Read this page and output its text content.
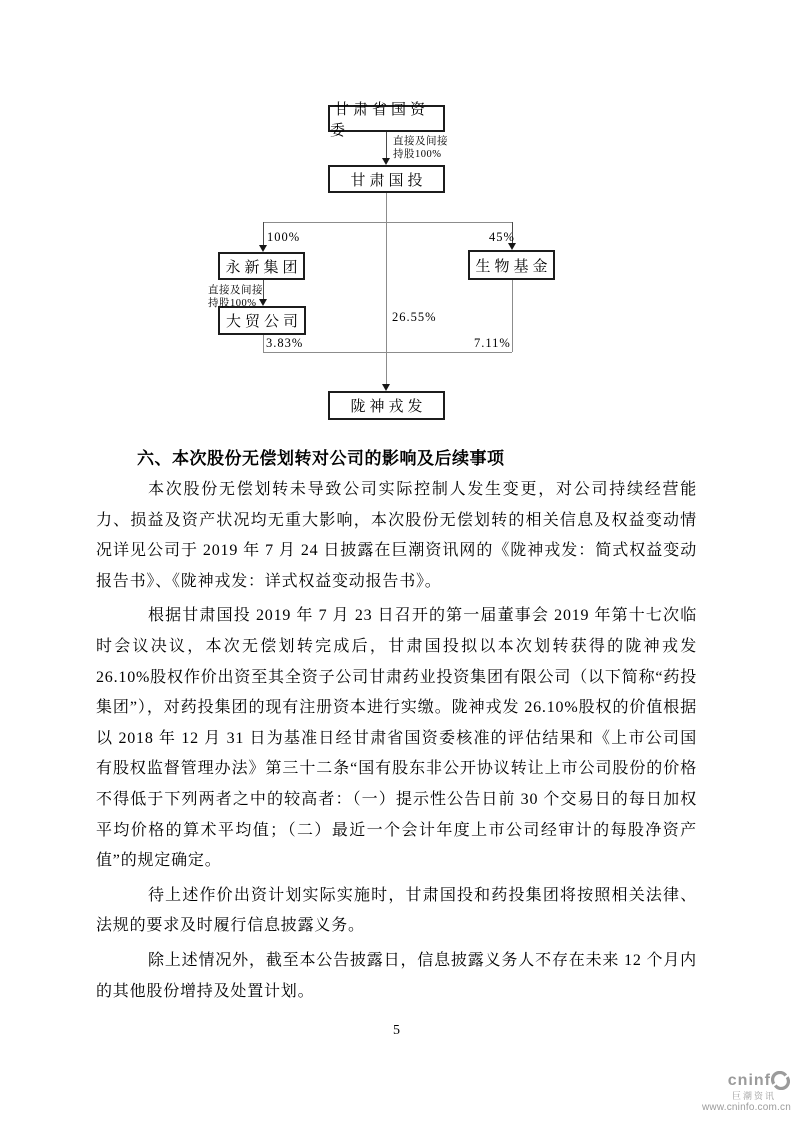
甘肃省国资委
甘肃国投
永新集团
大贸公司
生物基金
陇神戎发
直接及间接
持股100%
100%	45%
直接及间接
持股100%
26.55%
3.83%	7.11%
六、本次股份无偿划转对公司的影响及后续事项

本次股份无偿划转未导致公司实际控制人发生变更，对公司持续经营能力、损益及资产状况均无重大影响，本次股份无偿划转的相关信息及权益变动情况详见公司于 2019 年 7 月 24 日披露在巨潮资讯网的《陇神戎发：简式权益变动报告书》、《陇神戎发：详式权益变动报告书》。

根据甘肃国投 2019 年 7 月 23 日召开的第一届董事会 2019 年第十七次临时会议决议，本次无偿划转完成后，甘肃国投拟以本次划转获得的陇神戎发 26.10%股权作价出资至其全资子公司甘肃药业投资集团有限公司（以下简称“药投集团”），对药投集团的现有注册资本进行实缴。陇神戎发 26.10%股权的价值根据以 2018 年 12 月 31 日为基准日经甘肃省国资委核准的评估结果和《上市公司国有股权监督管理办法》第三十二条“国有股东非公开协议转让上市公司股份的价格不得低于下列两者之中的较高者：（一）提示性公告日前 30 个交易日的每日加权平均价格的算术平均值；（二）最近一个会计年度上市公司经审计的每股净资产值”的规定确定。

待上述作价出资计划实际实施时，甘肃国投和药投集团将按照相关法律、法规的要求及时履行信息披露义务。

除上述情况外，截至本公告披露日，信息披露义务人不存在未来 12 个月内的其他股份增持及处置计划。

5
cninf
巨潮资讯
www.cninfo.com.cn
